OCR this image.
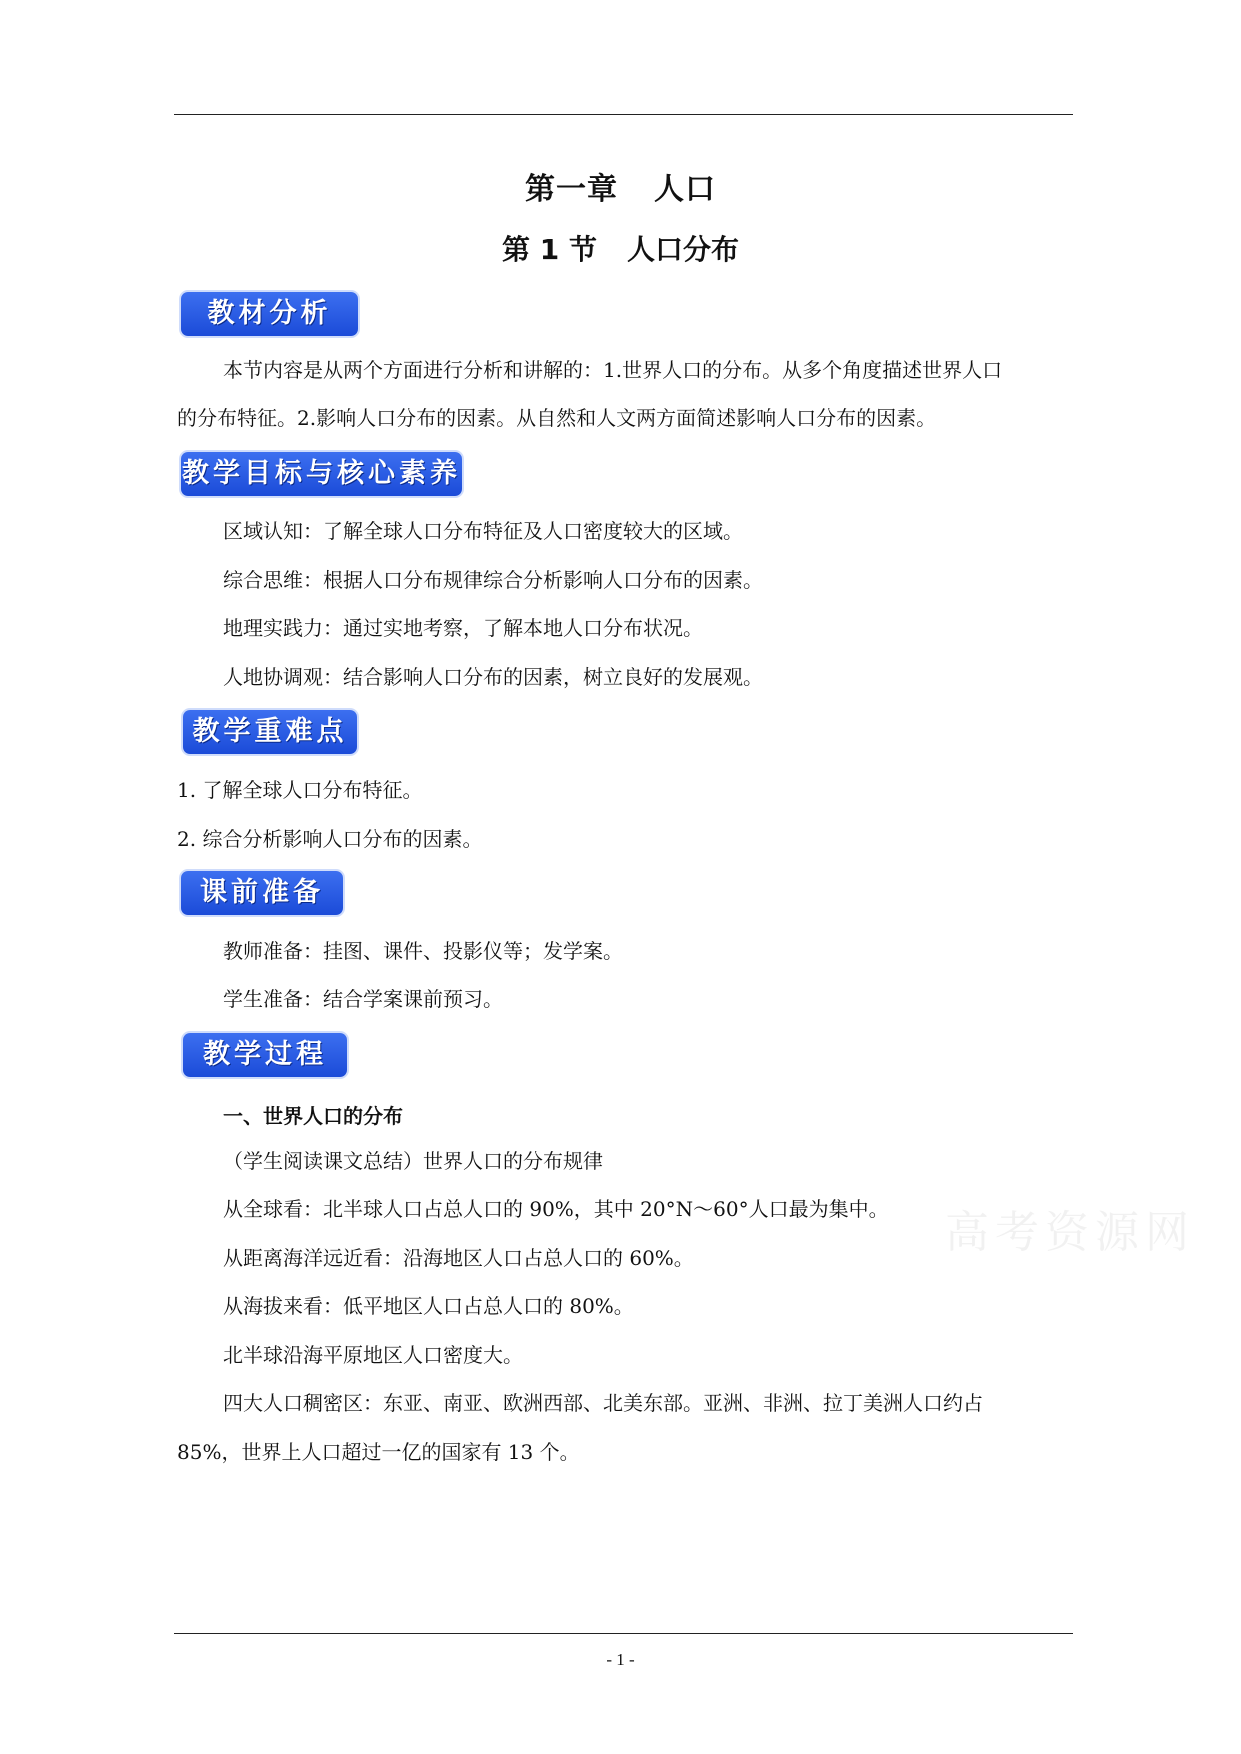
第一章 人口
第 1 节 人口分布
教材分析
本节内容是从两个方面进行分析和讲解的：1.世界人口的分布。从多个角度描述世界人口
的分布特征。2.影响人口分布的因素。从自然和人文两方面简述影响人口分布的因素。
教学目标与核心素养
区域认知：了解全球人口分布特征及人口密度较大的区域。
综合思维：根据人口分布规律综合分析影响人口分布的因素。
地理实践力：通过实地考察，了解本地人口分布状况。
人地协调观：结合影响人口分布的因素，树立良好的发展观。
教学重难点
1. 了解全球人口分布特征。
2. 综合分析影响人口分布的因素。
课前准备
教师准备：挂图、课件、投影仪等；发学案。
学生准备：结合学案课前预习。
教学过程
一、世界人口的分布
（学生阅读课文总结）世界人口的分布规律
从全球看：北半球人口占总人口的 90%，其中 20°N～60°人口最为集中。
从距离海洋远近看：沿海地区人口占总人口的 60%。
从海拔来看：低平地区人口占总人口的 80%。
北半球沿海平原地区人口密度大。
四大人口稠密区：东亚、南亚、欧洲西部、北美东部。亚洲、非洲、拉丁美洲人口约占
85%，世界上人口超过一亿的国家有 13 个。
高考资源网
- 1 -
